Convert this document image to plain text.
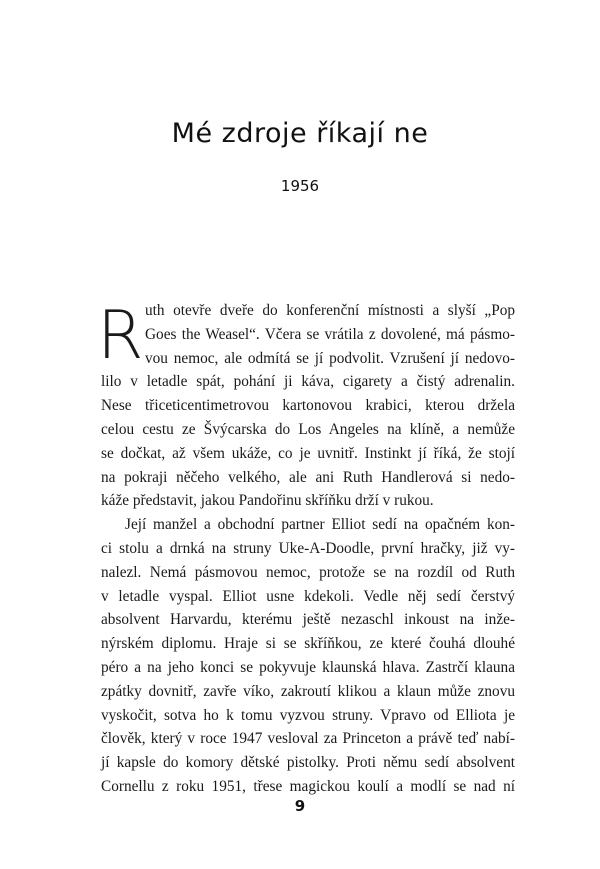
Mé zdroje říkají ne
1956
R uth otevře dveře do konferenční místnosti a slyší „Pop
Goes the Weasel“. Včera se vrátila z dovolené, má pásmo-
vou nemoc, ale odmítá se jí podvolit. Vzrušení jí nedovo-
lilo v letadle spát, pohání ji káva, cigarety a čistý adrenalin.
Nese třiceticentimetrovou kartonovou krabici, kterou držela
celou cestu ze Švýcarska do Los Angeles na klíně, a nemůže
se dočkat, až všem ukáže, co je uvnitř. Instinkt jí říká, že stojí
na pokraji něčeho velkého, ale ani Ruth Handlerová si nedo-
káže představit, jakou Pandořinu skříňku drží v rukou.
Její manžel a obchodní partner Elliot sedí na opačném kon-
ci stolu a drnká na struny Uke-A-Doodle, první hračky, již vy-
nalezl. Nemá pásmovou nemoc, protože se na rozdíl od Ruth
v letadle vyspal. Elliot usne kdekoli. Vedle něj sedí čerstvý
absolvent Harvardu, kterému ještě nezaschl inkoust na inže-
nýrském diplomu. Hraje si se skříňkou, ze které čouhá dlouhé
péro a na jeho konci se pokyvuje klaunská hlava. Zastrčí klauna
zpátky dovnitř, zavře víko, zakroutí klikou a klaun může znovu
vyskočit, sotva ho k tomu vyzvou struny. Vpravo od Elliota je
člověk, který v roce 1947 vesloval za Princeton a právě teď nabí-
jí kapsle do komory dětské pistolky. Proti němu sedí absolvent
Cornellu z roku 1951, třese magickou koulí a modlí se nad ní
9
